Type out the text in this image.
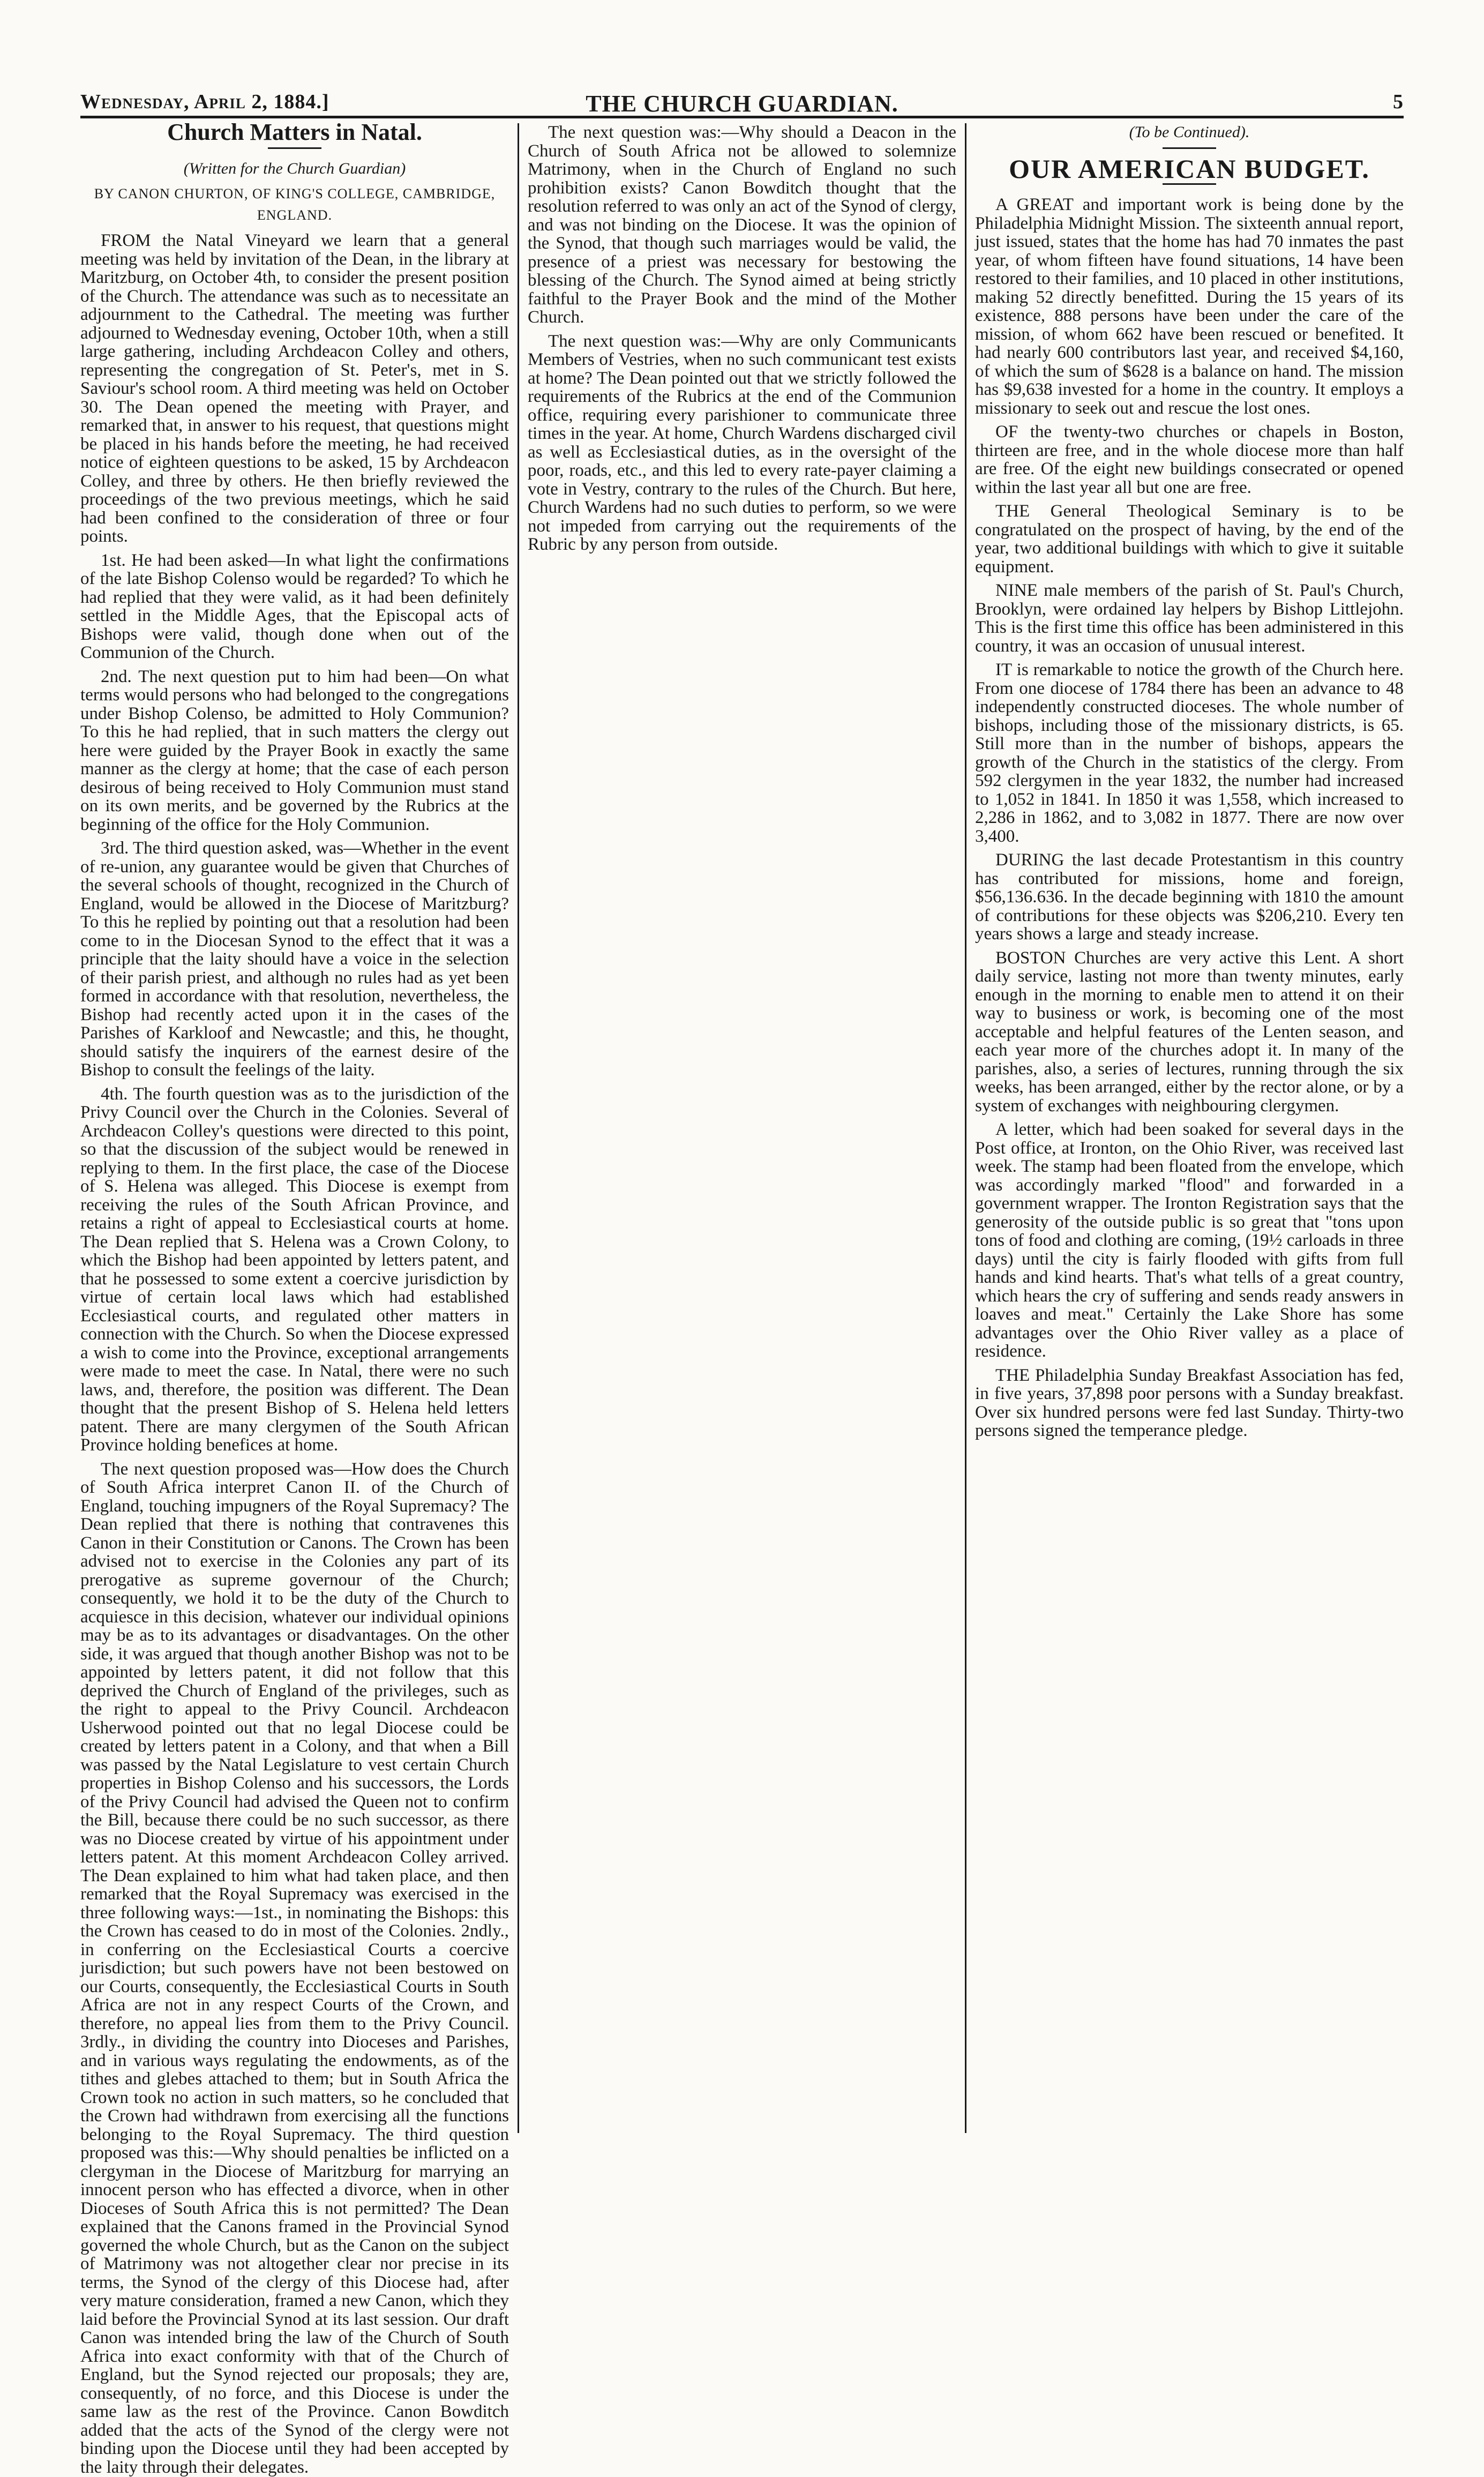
Wednesday, April 2, 1884.]	THE CHURCH GUARDIAN.	5

Church Matters in Natal.

(Written for the Church Guardian)

BY CANON CHURTON, OF KING'S COLLEGE, CAMBRIDGE, ENGLAND.

FROM the Natal Vineyard we learn that a general meeting was held by invitation of the Dean, in the library at Maritzburg, on October 4th, to consider the present position of the Church. The attendance was such as to necessitate an adjournment to the Cathedral. The meeting was further adjourned to Wednesday evening, October 10th, when a still large gathering, including Archdeacon Colley and others, representing the congregation of St. Peter's, met in S. Saviour's school room. A third meeting was held on October 30. The Dean opened the meeting with Prayer, and remarked that, in answer to his request, that questions might be placed in his hands before the meeting, he had received notice of eighteen questions to be asked, 15 by Archdeacon Colley, and three by others. He then briefly reviewed the proceedings of the two previous meetings, which he said had been confined to the consideration of three or four points.

1st. He had been asked—In what light the confirmations of the late Bishop Colenso would be regarded? To which he had replied that they were valid, as it had been definitely settled in the Middle Ages, that the Episcopal acts of Bishops were valid, though done when out of the Communion of the Church.

2nd. The next question put to him had been—On what terms would persons who had belonged to the congregations under Bishop Colenso, be admitted to Holy Communion? To this he had replied, that in such matters the clergy out here were guided by the Prayer Book in exactly the same manner as the clergy at home; that the case of each person desirous of being received to Holy Communion must stand on its own merits, and be governed by the Rubrics at the beginning of the office for the Holy Communion.

3rd. The third question asked, was—Whether in the event of re-union, any guarantee would be given that Churches of the several schools of thought, recognized in the Church of England, would be allowed in the Diocese of Maritzburg? To this he replied by pointing out that a resolution had been come to in the Diocesan Synod to the effect that it was a principle that the laity should have a voice in the selection of their parish priest, and although no rules had as yet been formed in accordance with that resolution, nevertheless, the Bishop had recently acted upon it in the cases of the Parishes of Karkloof and Newcastle; and this, he thought, should satisfy the inquirers of the earnest desire of the Bishop to consult the feelings of the laity.

4th. The fourth question was as to the jurisdiction of the Privy Council over the Church in the Colonies. Several of Archdeacon Colley's questions were directed to this point, so that the discussion of the subject would be renewed in replying to them. In the first place, the case of the Diocese of S. Helena was alleged. This Diocese is exempt from receiving the rules of the South African Province, and retains a right of appeal to Ecclesiastical courts at home. The Dean replied that S. Helena was a Crown Colony, to which the Bishop had been appointed by letters patent, and that he possessed to some extent a coercive jurisdiction by virtue of certain local laws which had established Ecclesiastical courts, and regulated other matters in connection with the Church. So when the Diocese expressed a wish to come into the Province, exceptional arrangements were made to meet the case. In Natal, there were no such laws, and, therefore, the position was different. The Dean thought that the present Bishop of S. Helena held letters patent. There are many clergymen of the South African Province holding benefices at home.

The next question proposed was—How does the Church of South Africa interpret Canon II. of the Church of England, touching impugners of the Royal Supremacy? The Dean replied that there is nothing that contravenes this Canon in their Constitution or Canons. The Crown has been advised not to exercise in the Colonies any part of its prerogative as supreme governour of the Church; consequently, we hold it to be the duty of the Church to acquiesce in this decision, whatever our individual opinions may be as to its advantages or disadvantages. On the other side, it was argued that though another Bishop was not to be appointed by letters patent, it did not follow that this deprived the Church of England of the privileges, such as the right to appeal to the Privy Council. Archdeacon Usherwood pointed out that no legal Diocese could be created by letters patent in a Colony, and that when a Bill was passed by the Natal Legislature to vest certain Church properties in Bishop Colenso and his successors, the Lords of the Privy Council had advised the Queen not to confirm the Bill, because there could be no such successor, as there was no Diocese created by virtue of his appointment under letters patent. At this moment Archdeacon Colley arrived. The Dean explained to him what had taken place, and then remarked that the Royal Supremacy was exercised in the three following ways:—1st., in nominating the Bishops: this the Crown has ceased to do in most of the Colonies. 2ndly., in conferring on the Ecclesiastical Courts a coercive jurisdiction; but such powers have not been bestowed on our Courts, consequently, the Ecclesiastical Courts in South Africa are not in any respect Courts of the Crown, and therefore, no appeal lies from them to the Privy Council. 3rdly., in dividing the country into Dioceses and Parishes, and in various ways regulating the endowments, as of the tithes and glebes attached to them; but in South Africa the Crown took no action in such matters, so he concluded that the Crown had withdrawn from exercising all the functions belonging to the Royal Supremacy. The third question proposed was this:—Why should penalties be inflicted on a clergyman in the Diocese of Maritzburg for marrying an innocent person who has effected a divorce, when in other Dioceses of South Africa this is not permitted? The Dean explained that the Canons framed in the Provincial Synod governed the whole Church, but as the Canon on the subject of Matrimony was not altogether clear nor precise in its terms, the Synod of the clergy of this Diocese had, after very mature consideration, framed a new Canon, which they laid before the Provincial Synod at its last session. Our draft Canon was intended bring the law of the Church of South Africa into exact conformity with that of the Church of England, but the Synod rejected our proposals; they are, consequently, of no force, and this Diocese is under the same law as the rest of the Province. Canon Bowditch added that the acts of the Synod of the clergy were not binding upon the Diocese until they had been accepted by the laity through their delegates.

The next question was:—Why should a Deacon in the Church of South Africa not be allowed to solemnize Matrimony, when in the Church of England no such prohibition exists? Canon Bowditch thought that the resolution referred to was only an act of the Synod of clergy, and was not binding on the Diocese. It was the opinion of the Synod, that though such marriages would be valid, the presence of a priest was necessary for bestowing the blessing of the Church. The Synod aimed at being strictly faithful to the Prayer Book and the mind of the Mother Church.

The next question was:—Why are only Communicants Members of Vestries, when no such communicant test exists at home? The Dean pointed out that we strictly followed the requirements of the Rubrics at the end of the Communion office, requiring every parishioner to communicate three times in the year. At home, Church Wardens discharged civil as well as Ecclesiastical duties, as in the oversight of the poor, roads, etc., and this led to every rate-payer claiming a vote in Vestry, contrary to the rules of the Church. But here, Church Wardens had no such duties to perform, so we were not impeded from carrying out the requirements of the Rubric by any person from outside.

(To be Continued).

OUR AMERICAN BUDGET.

A GREAT and important work is being done by the Philadelphia Midnight Mission. The sixteenth annual report, just issued, states that the home has had 70 inmates the past year, of whom fifteen have found situations, 14 have been restored to their families, and 10 placed in other institutions, making 52 directly benefitted. During the 15 years of its existence, 888 persons have been under the care of the mission, of whom 662 have been rescued or benefited. It had nearly 600 contributors last year, and received $4,160, of which the sum of $628 is a balance on hand. The mission has $9,638 invested for a home in the country. It employs a missionary to seek out and rescue the lost ones.

OF the twenty-two churches or chapels in Boston, thirteen are free, and in the whole diocese more than half are free. Of the eight new buildings consecrated or opened within the last year all but one are free.

THE General Theological Seminary is to be congratulated on the prospect of having, by the end of the year, two additional buildings with which to give it suitable equipment.

NINE male members of the parish of St. Paul's Church, Brooklyn, were ordained lay helpers by Bishop Littlejohn. This is the first time this office has been administered in this country, it was an occasion of unusual interest.

IT is remarkable to notice the growth of the Church here. From one diocese of 1784 there has been an advance to 48 independently constructed dioceses. The whole number of bishops, including those of the missionary districts, is 65. Still more than in the number of bishops, appears the growth of the Church in the statistics of the clergy. From 592 clergymen in the year 1832, the number had increased to 1,052 in 1841. In 1850 it was 1,558, which increased to 2,286 in 1862, and to 3,082 in 1877. There are now over 3,400.

DURING the last decade Protestantism in this country has contributed for missions, home and foreign, $56,136.636. In the decade beginning with 1810 the amount of contributions for these objects was $206,210. Every ten years shows a large and steady increase.

BOSTON Churches are very active this Lent. A short daily service, lasting not more than twenty minutes, early enough in the morning to enable men to attend it on their way to business or work, is becoming one of the most acceptable and helpful features of the Lenten season, and each year more of the churches adopt it. In many of the parishes, also, a series of lectures, running through the six weeks, has been arranged, either by the rector alone, or by a system of exchanges with neighbouring clergymen.

A letter, which had been soaked for several days in the Post office, at Ironton, on the Ohio River, was received last week. The stamp had been floated from the envelope, which was accordingly marked "flood" and forwarded in a government wrapper. The Ironton Registration says that the generosity of the outside public is so great that "tons upon tons of food and clothing are coming, (19½ carloads in three days) until the city is fairly flooded with gifts from full hands and kind hearts. That's what tells of a great country, which hears the cry of suffering and sends ready answers in loaves and meat." Certainly the Lake Shore has some advantages over the Ohio River valley as a place of residence.

THE Philadelphia Sunday Breakfast Association has fed, in five years, 37,898 poor persons with a Sunday breakfast. Over six hundred persons were fed last Sunday. Thirty-two persons signed the temperance pledge.
